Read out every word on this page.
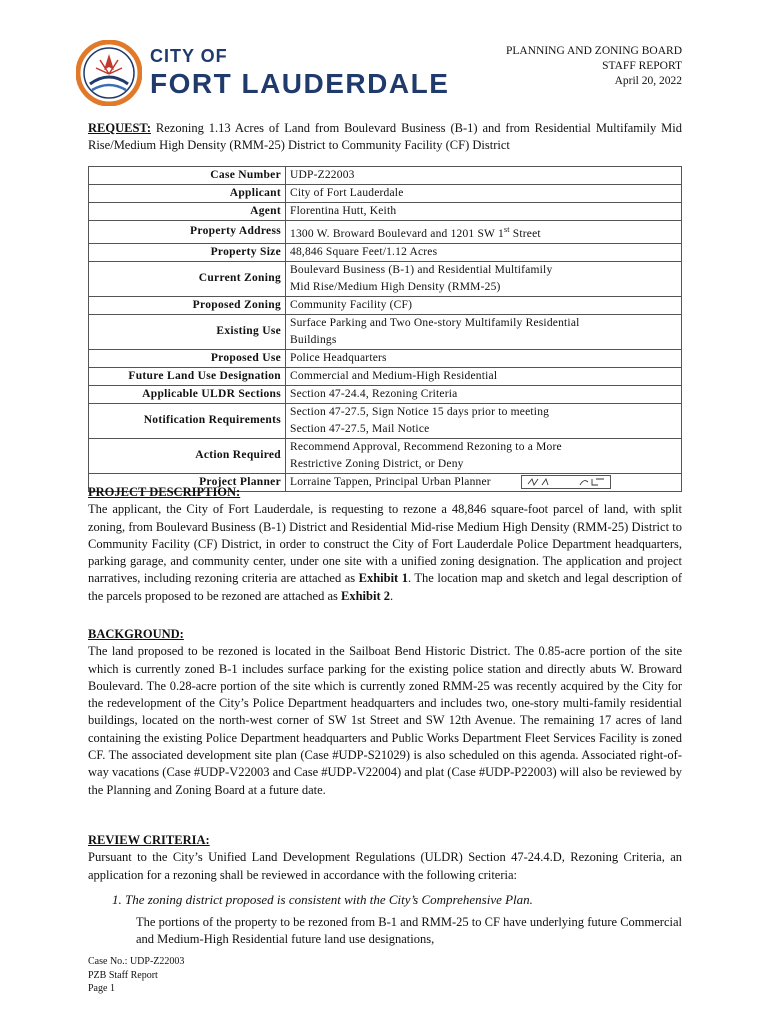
CITY OF
FORT LAUDERDALE
PLANNING AND ZONING BOARD
STAFF REPORT
April 20, 2022
REQUEST: Rezoning 1.13 Acres of Land from Boulevard Business (B-1) and from Residential Multifamily Mid Rise/Medium High Density (RMM-25) District to Community Facility (CF) District
Case Number	UDP-Z22003
Applicant	City of Fort Lauderdale
Agent	Florentina Hutt, Keith
Property Address	1300 W. Broward Boulevard and 1201 SW 1st Street
Property Size	48,846 Square Feet/1.12 Acres
Current Zoning	Boulevard Business (B-1) and Residential Multifamily
Mid Rise/Medium High Density (RMM-25)

Proposed Zoning	Community Facility (CF)
Existing Use	Surface Parking and Two One-story Multifamily Residential
Buildings

Proposed Use	Police Headquarters
Future Land Use Designation	Commercial and Medium-High Residential
Applicable ULDR Sections	Section 47-24.4, Rezoning Criteria
Notification Requirements	Section 47-27.5, Sign Notice 15 days prior to meeting
Section 47-27.5, Mail Notice

Action Required	Recommend Approval, Recommend Rezoning to a More
Restrictive Zoning District, or Deny

Project Planner	Lorraine Tappen, Principal Urban Planner
PROJECT DESCRIPTION:
The applicant, the City of Fort Lauderdale, is requesting to rezone a 48,846 square-foot parcel of land, with split zoning, from Boulevard Business (B-1) District and Residential Mid-rise Medium High Density (RMM-25) District to Community Facility (CF) District, in order to construct the City of Fort Lauderdale Police Department headquarters, parking garage, and community center, under one site with a unified zoning designation. The application and project narratives, including rezoning criteria are attached as Exhibit 1. The location map and sketch and legal description of the parcels proposed to be rezoned are attached as Exhibit 2.
BACKGROUND:
The land proposed to be rezoned is located in the Sailboat Bend Historic District. The 0.85-acre portion of the site which is currently zoned B-1 includes surface parking for the existing police station and directly abuts W. Broward Boulevard. The 0.28-acre portion of the site which is currently zoned RMM-25 was recently acquired by the City for the redevelopment of the City’s Police Department headquarters and includes two, one-story multi-family residential buildings, located on the north-west corner of SW 1st Street and SW 12th Avenue. The remaining 17 acres of land containing the existing Police Department headquarters and Public Works Department Fleet Services Facility is zoned CF. The associated development site plan (Case #UDP-S21029) is also scheduled on this agenda. Associated right-of-way vacations (Case #UDP-V22003 and Case #UDP-V22004) and plat (Case #UDP-P22003) will also be reviewed by the Planning and Zoning Board at a future date.
REVIEW CRITERIA:
Pursuant to the City’s Unified Land Development Regulations (ULDR) Section 47-24.4.D, Rezoning Criteria, an application for a rezoning shall be reviewed in accordance with the following criteria:
1. The zoning district proposed is consistent with the City’s Comprehensive Plan.
The portions of the property to be rezoned from B-1 and RMM-25 to CF have underlying future Commercial and Medium-High Residential future land use designations,
Case No.: UDP-Z22003
PZB Staff Report
Page 1
